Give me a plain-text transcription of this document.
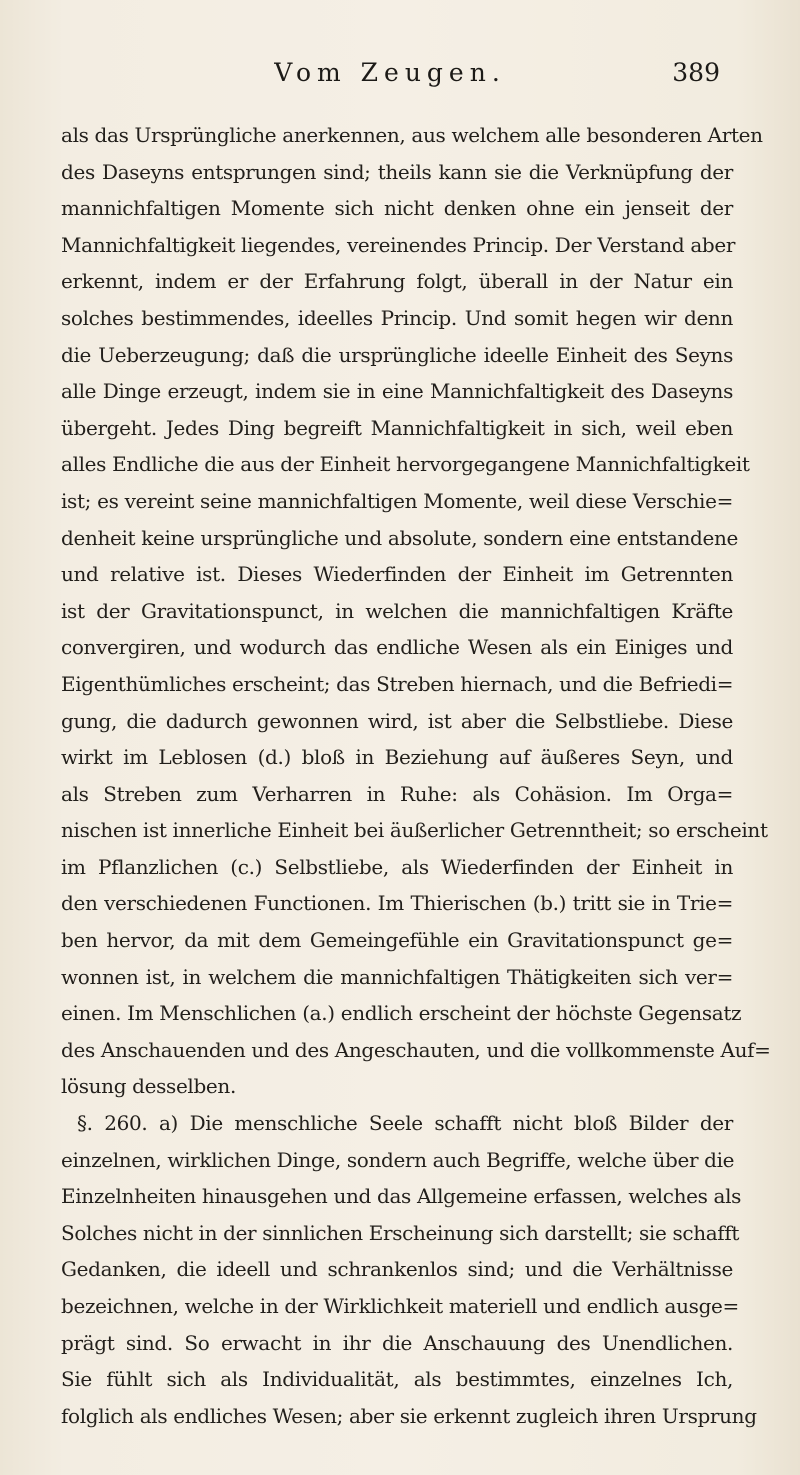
Vom Zeugen.	389
als das Ursprüngliche anerkennen, aus welchem alle besonderen Arten
des Daseyns entsprungen sind; theils kann sie die Verknüpfung der
mannichfaltigen Momente sich nicht denken ohne ein jenseit der
Mannichfaltigkeit liegendes, vereinendes Princip. Der Verstand aber
erkennt, indem er der Erfahrung folgt, überall in der Natur ein
solches bestimmendes, ideelles Princip. Und somit hegen wir denn
die Ueberzeugung; daß die ursprüngliche ideelle Einheit des Seyns
alle Dinge erzeugt, indem sie in eine Mannichfaltigkeit des Daseyns
übergeht. Jedes Ding begreift Mannichfaltigkeit in sich, weil eben
alles Endliche die aus der Einheit hervorgegangene Mannichfaltigkeit
ist; es vereint seine mannichfaltigen Momente, weil diese Verschie=
denheit keine ursprüngliche und absolute, sondern eine entstandene
und relative ist. Dieses Wiederfinden der Einheit im Getrennten
ist der Gravitationspunct, in welchen die mannichfaltigen Kräfte
convergiren, und wodurch das endliche Wesen als ein Einiges und
Eigenthümliches erscheint; das Streben hiernach, und die Befriedi=
gung, die dadurch gewonnen wird, ist aber die Selbstliebe. Diese
wirkt im Leblosen (d.) bloß in Beziehung auf äußeres Seyn, und
als Streben zum Verharren in Ruhe: als Cohäsion. Im Orga=
nischen ist innerliche Einheit bei äußerlicher Getrenntheit; so erscheint
im Pflanzlichen (c.) Selbstliebe, als Wiederfinden der Einheit in
den verschiedenen Functionen. Im Thierischen (b.) tritt sie in Trie=
ben hervor, da mit dem Gemeingefühle ein Gravitationspunct ge=
wonnen ist, in welchem die mannichfaltigen Thätigkeiten sich ver=
einen. Im Menschlichen (a.) endlich erscheint der höchste Gegensatz
des Anschauenden und des Angeschauten, und die vollkommenste Auf=
lösung desselben.
§. 260. a) Die menschliche Seele schafft nicht bloß Bilder der
einzelnen, wirklichen Dinge, sondern auch Begriffe, welche über die
Einzelnheiten hinausgehen und das Allgemeine erfassen, welches als
Solches nicht in der sinnlichen Erscheinung sich darstellt; sie schafft
Gedanken, die ideell und schrankenlos sind; und die Verhältnisse
bezeichnen, welche in der Wirklichkeit materiell und endlich ausge=
prägt sind. So erwacht in ihr die Anschauung des Unendlichen.
Sie fühlt sich als Individualität, als bestimmtes, einzelnes Ich,
folglich als endliches Wesen; aber sie erkennt zugleich ihren Ursprung
